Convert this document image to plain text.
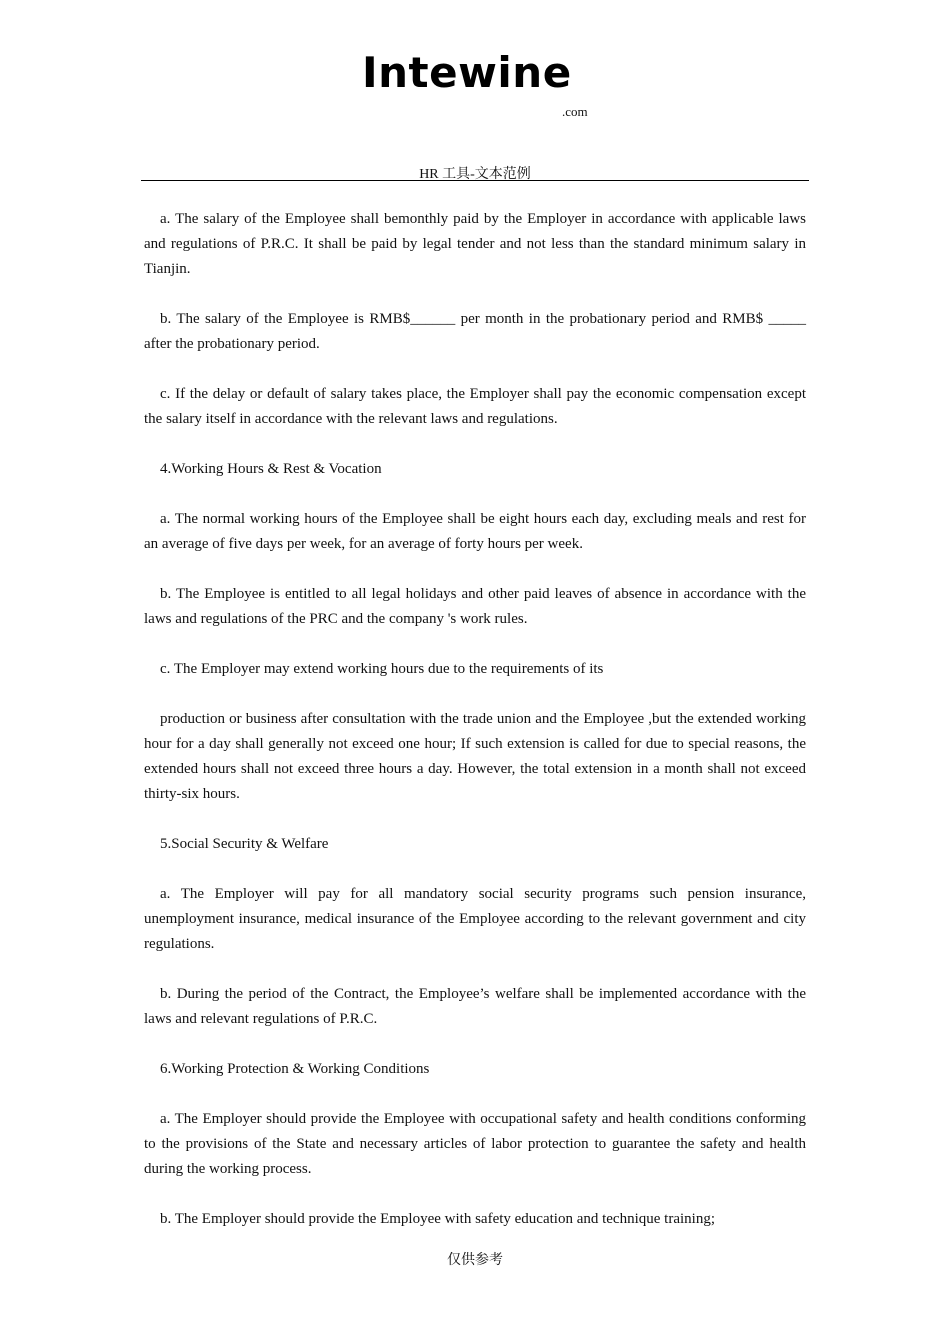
Intewine
.com
HR 工具-文本范例

a. The salary of the Employee shall bemonthly paid by the Employer in accordance with applicable laws and regulations of P.R.C. It shall be paid by legal tender and not less than the standard minimum salary in Tianjin.

b. The salary of the Employee is RMB$______ per month in the probationary period and RMB$ _____ after the probationary period.

c. If the delay or default of salary takes place, the Employer shall pay the economic compensation except the salary itself in accordance with the relevant laws and regulations.

4.Working Hours & Rest & Vocation

a. The normal working hours of the Employee shall be eight hours each day, excluding meals and rest for an average of five days per week, for an average of forty hours per week.

b. The Employee is entitled to all legal holidays and other paid leaves of absence in accordance with the laws and regulations of the PRC and the company 's work rules.

c. The Employer may extend working hours due to the requirements of its

production or business after consultation with the trade union and the Employee ,but the extended working hour for a day shall generally not exceed one hour; If such extension is called for due to special reasons, the extended hours shall not exceed three hours a day. However, the total extension in a month shall not exceed thirty-six hours.

5.Social Security & Welfare

a. The Employer will pay for all mandatory social security programs such pension insurance, unemployment insurance, medical insurance of the Employee according to the relevant government and city regulations.

b. During the period of the Contract, the Employee’s welfare shall be implemented accordance with the laws and relevant regulations of P.R.C.

6.Working Protection & Working Conditions

a. The Employer should provide the Employee with occupational safety and health conditions conforming to the provisions of the State and necessary articles of labor protection to guarantee the safety and health during the working process.

b. The Employer should provide the Employee with safety education and technique training;

仅供参考
